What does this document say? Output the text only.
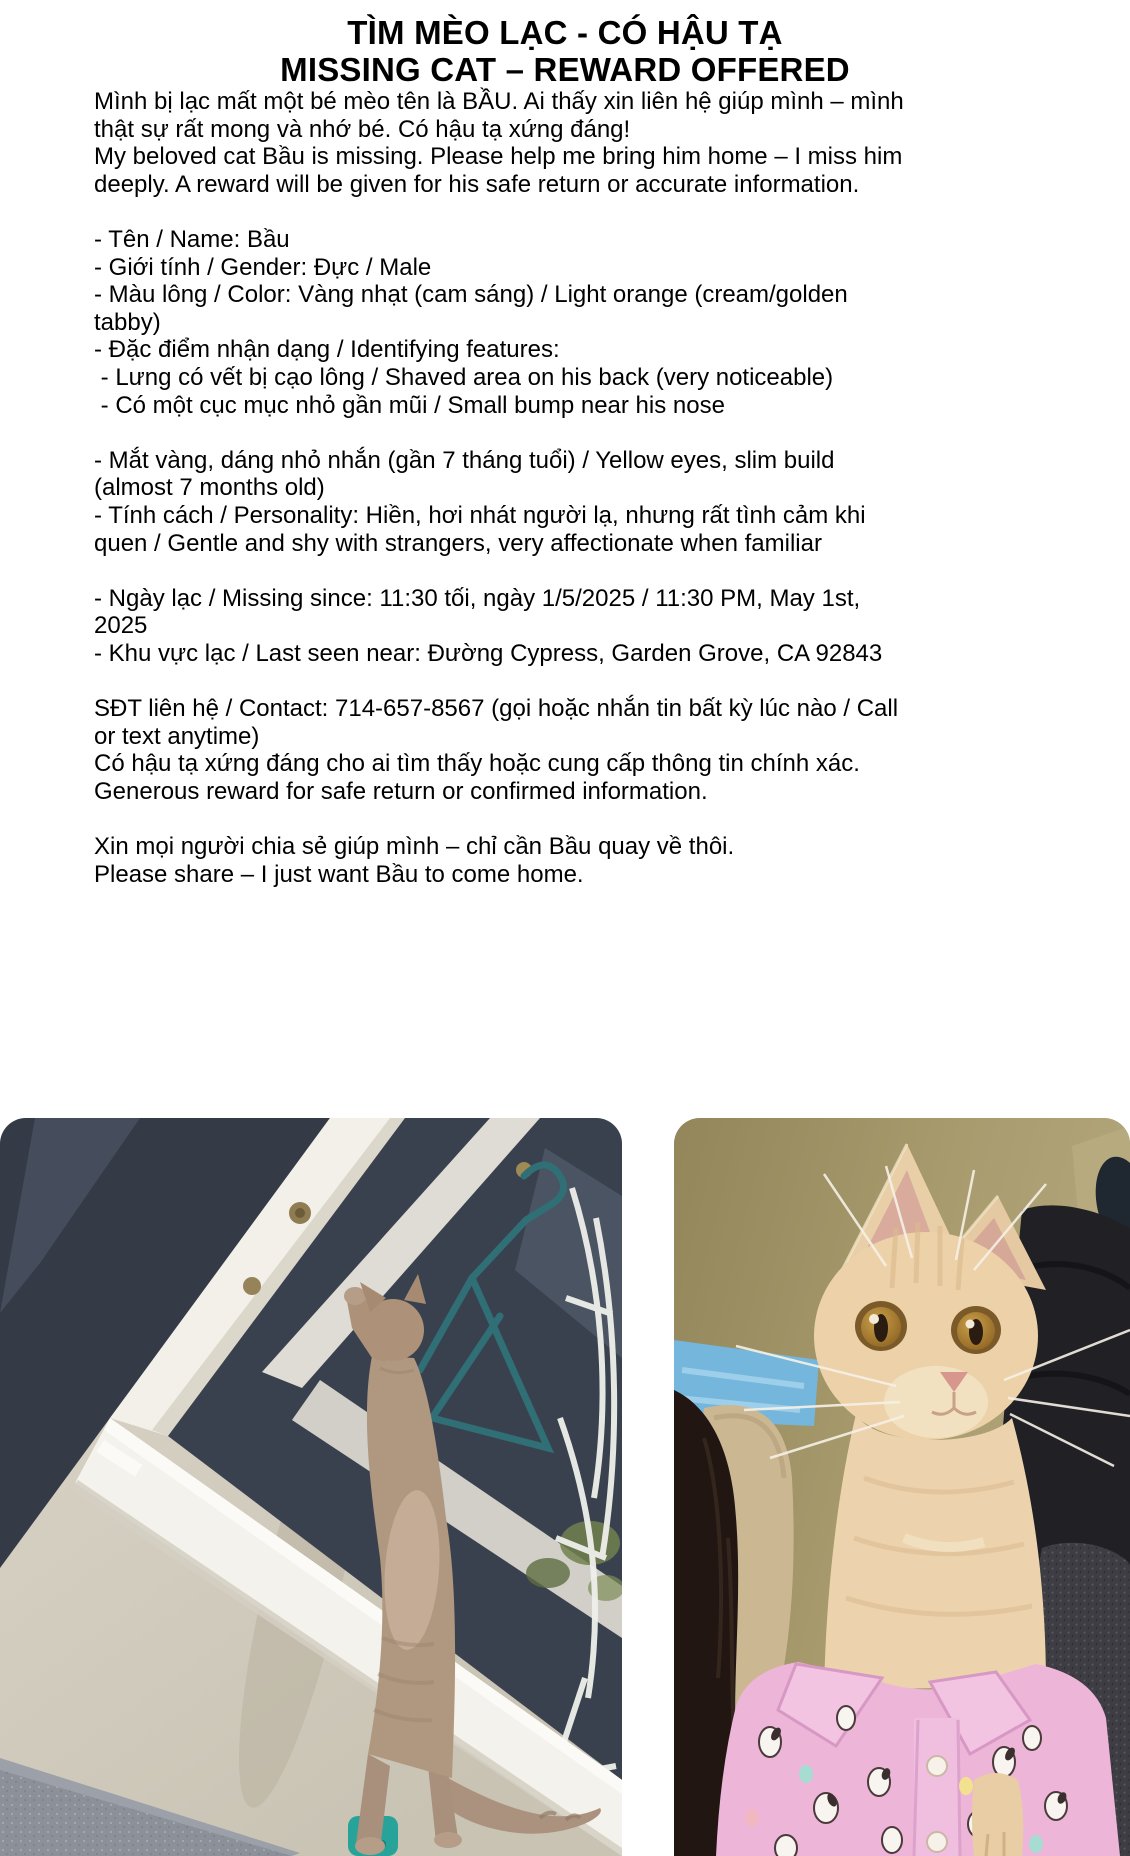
TÌM MÈO LẠC - CÓ HẬU TẠ
MISSING CAT – REWARD OFFERED
Mình bị lạc mất một bé mèo tên là BẦU. Ai thấy xin liên hệ giúp mình – mình
thật sự rất mong và nhớ bé. Có hậu tạ xứng đáng!
My beloved cat Bầu is missing. Please help me bring him home – I miss him
deeply. A reward will be given for his safe return or accurate information.
- Tên / Name: Bầu
- Giới tính / Gender: Đực / Male
- Màu lông / Color: Vàng nhạt (cam sáng) / Light orange (cream/golden
tabby)
- Đặc điểm nhận dạng / Identifying features:
- Lưng có vết bị cạo lông / Shaved area on his back (very noticeable)
- Có một cục mục nhỏ gần mũi / Small bump near his nose
- Mắt vàng, dáng nhỏ nhắn (gần 7 tháng tuổi) / Yellow eyes, slim build
(almost 7 months old)
- Tính cách / Personality: Hiền, hơi nhát người lạ, nhưng rất tình cảm khi
quen / Gentle and shy with strangers, very affectionate when familiar
- Ngày lạc / Missing since: 11:30 tối, ngày 1/5/2025 / 11:30 PM, May 1st,
2025
- Khu vực lạc / Last seen near: Đường Cypress, Garden Grove, CA 92843
SĐT liên hệ / Contact: 714-657-8567 (gọi hoặc nhắn tin bất kỳ lúc nào / Call
or text anytime)
Có hậu tạ xứng đáng cho ai tìm thấy hoặc cung cấp thông tin chính xác.
Generous reward for safe return or confirmed information.
Xin mọi người chia sẻ giúp mình – chỉ cần Bầu quay về thôi.
Please share – I just want Bầu to come home.
